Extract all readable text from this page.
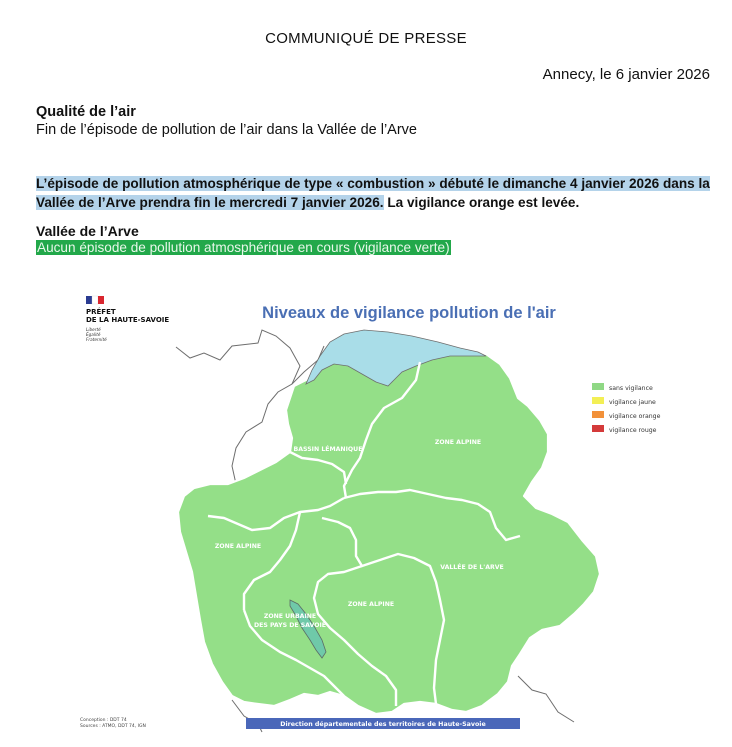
COMMUNIQUÉ DE PRESSE
Annecy, le 6 janvier 2026
Qualité de l’air
Fin de l’épisode de pollution de l’air dans la Vallée de l’Arve
L’épisode de pollution atmosphérique de type « combustion » débuté le dimanche 4 janvier 2026 dans la Vallée de l’Arve prendra fin le mercredi 7 janvier 2026. La vigilance orange est levée.
Vallée de l’Arve
Aucun épisode de pollution atmosphérique en cours (vigilance verte)
PRÉFET
DE LA HAUTE-SAVOIE
Liberté
Égalité
Fraternité
Niveaux de vigilance pollution de l'air
BASSIN LÉMANIQUE
ZONE ALPINE
ZONE ALPINE
VALLÉE DE L'ARVE
ZONE ALPINE
ZONE URBAINE
DES PAYS DE SAVOIE
sans vigilance
vigilance jaune
vigilance orange
vigilance rouge
Conception : DDT 74
Sources : ATMO, DDT 74, IGN	Direction départementale des territoires de Haute-Savoie
